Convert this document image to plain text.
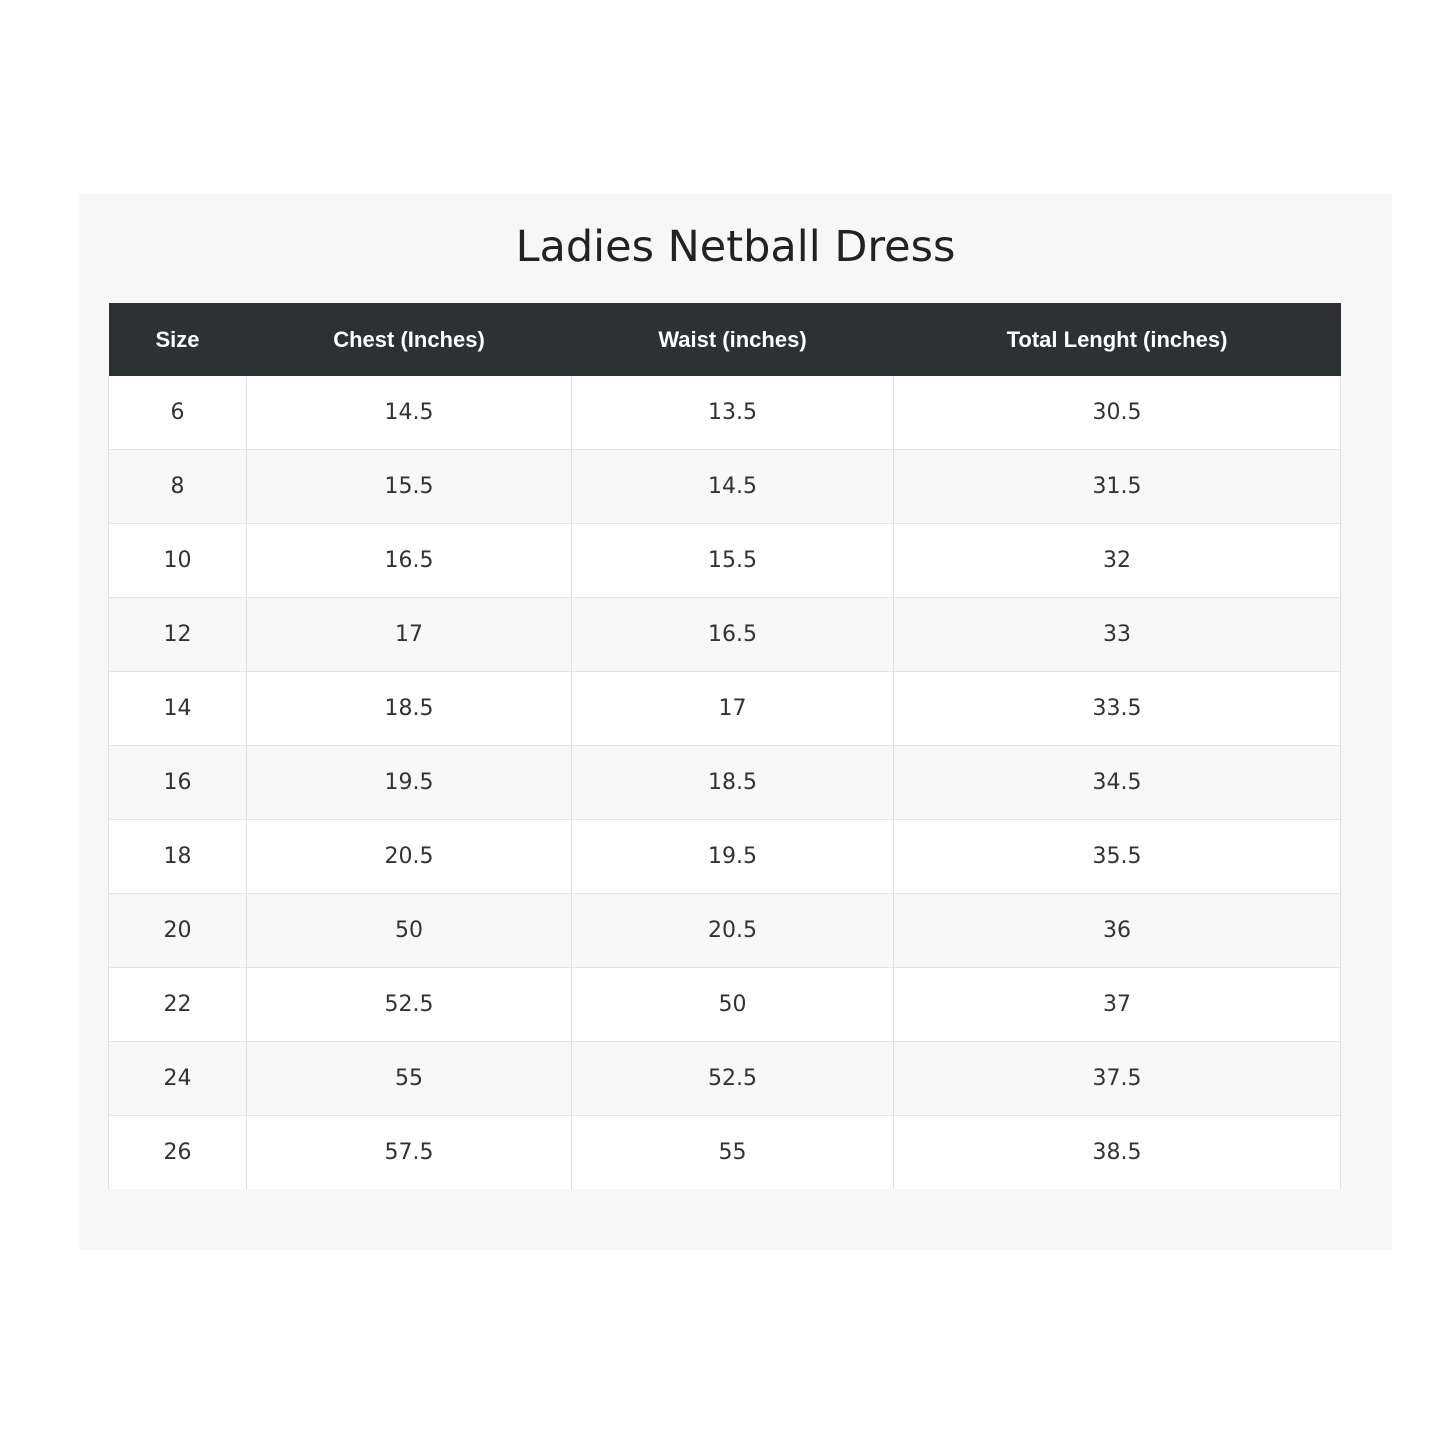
Ladies Netball Dress
Size	Chest (Inches)	Waist (inches)	Total Lenght (inches)
6	14.5	13.5	30.5
8	15.5	14.5	31.5
10	16.5	15.5	32
12	17	16.5	33
14	18.5	17	33.5
16	19.5	18.5	34.5
18	20.5	19.5	35.5
20	50	20.5	36
22	52.5	50	37
24	55	52.5	37.5
26	57.5	55	38.5
